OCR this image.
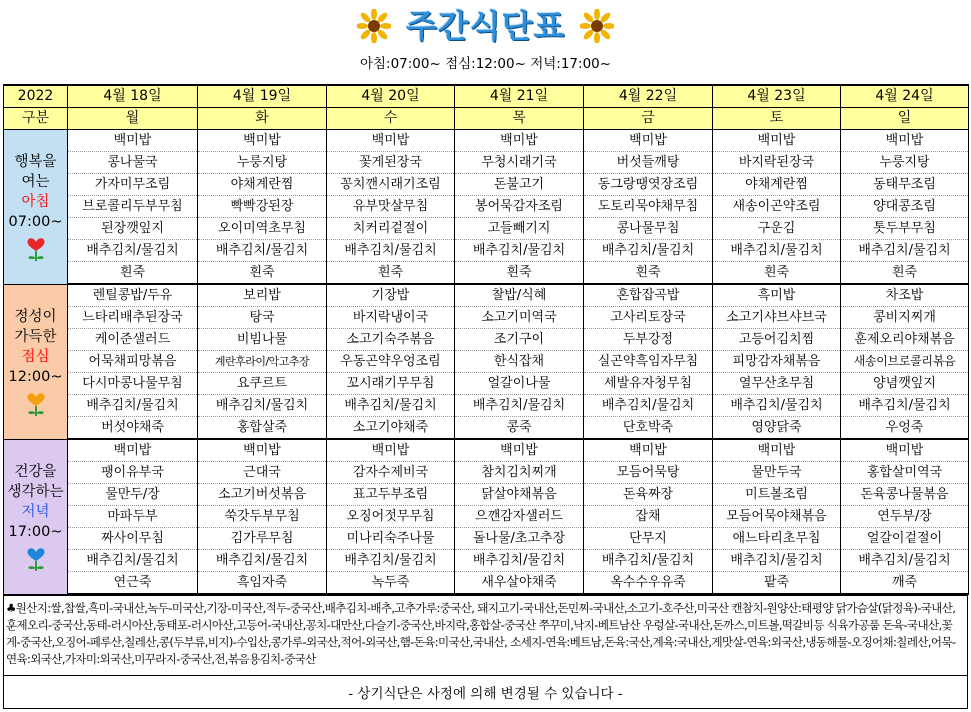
주간식단표
아침:07:00~ 점심:12:00~ 저녁:17:00~
2022	4월 18일	4월 19일	4월 20일	4월 21일	4월 22일	4월 23일	4월 24일
구분	월	화	수	목	금	토	일

행복을
여는
아침
07:00~	백미밥	백미밥	백미밥	백미밥	백미밥	백미밥	백미밥
	콩나물국	누룽지탕	꽃게된장국	무청시래기국	버섯들깨탕	바지락된장국	누룽지탕
	가자미무조림	야채계란찜	꽁치깬시래기조림	돈불고기	동그랑땡엿장조림	야채계란찜	동태무조림
	브로콜리두부무침	빡빡강된장	유부맛살무침	봉어묵감자조림	도토리묵야채무침	새송이곤약조림	양대콩조림
	된장깻잎지	오이미역초무침	치커리겉절이	고들빼기지	콩나물무침	구운김	톳두부무침
	배추김치/물김치	배추김치/물김치	배추김치/물김치	배추김치/물김치	배추김치/물김치	배추김치/물김치	배추김치/물김치
	흰죽	흰죽	흰죽	흰죽	흰죽	흰죽	흰죽

정성이
가득한
점심
12:00~	렌틸콩밥/두유	보리밥	기장밥	찰밥/식혜	혼합잡곡밥	흑미밥	차조밥
	느타리배추된장국	탕국	바지락냉이국	소고기미역국	고사리토장국	소고기샤브샤브국	콩비지찌개
	케이준샐러드	비빔나물	소고기숙주볶음	조기구이	두부강정	고등어김치찜	훈제오리야채볶음
	어묵채피망볶음	계란후라이/악고추장	우동곤약우엉조림	한식잡채	실곤약흑임자무침	피망감자채볶음	새송이브로콜리볶음
	다시마콩나물무침	요쿠르트	꼬시래기무무침	얼갈이나물	세발유자청무침	열무산초무침	양념깻잎지
	배추김치/물김치	배추김치/물김치	배추김치/물김치	배추김치/물김치	배추김치/물김치	배추김치/물김치	배추김치/물김치
	버섯야채죽	홍합살죽	소고기야채죽	콩죽	단호박죽	영양닭죽	우엉죽

건강을
생각하는
저녁
17:00~	백미밥	백미밥	백미밥	백미밥	백미밥	백미밥	백미밥
	팽이유부국	근대국	감자수제비국	참치김치찌개	모듬어묵탕	물만두국	홍합살미역국
	물만두/장	소고기버섯볶음	표고두부조림	닭살야채볶음	돈육짜장	미트볼조림	돈육콩나물볶음
	마파두부	쑥갓두부무침	오징어젓무무침	으깬감자샐러드	잡채	모듬어묵야채볶음	연두부/장
	짜사이무침	김가루무침	미나리숙주나물	돌나물/초고추장	단무지	애느타리초무침	얼갈이겉절이
	배추김치/물김치	배추김치/물김치	배추김치/물김치	배추김치/물김치	배추김치/물김치	배추김치/물김치	배추김치/물김치
	연근죽	흑임자죽	녹두죽	새우살야채죽	옥수수우유죽	팥죽	깨죽
♣원산지:쌀,찹쌀,흑미-국내산,녹두-미국산,기장-미국산,적두-중국산,배추김치-배추,고추가루:중국산, 돼지고기-국내산,돈민찌-국내산,소고기-호주산,미국산 캔참치-원양산:태평양 닭가슴살(닭정육)-국내산,훈제오리-중국산,동태-러시아산,동태포-러시아산,고등어-국내산,꽁치-대만산,다슬기-중국산,바지락,홍합살-중국산 쭈꾸미,낙지-베트남산 우렁살-국내산,돈까스,미트볼,떡갈비등 식육가공품 돈육-국내산,꽃게-중국산,오징어-페루산,칠레산,콩(두부류,비지)-수입산,콩가루-외국산,적어-외국산,햄-돈육:미국산,국내산, 소세지-연육:베트남,돈육:국산,계육:국내산,게맛살-연육:외국산,냉동해물-오징어채:칠레산,어묵-연육:외국산,가자미:외국산,미꾸라지-중국산,전,볶음용김치-중국산
- 상기식단은 사정에 의해 변경될 수 있습니다 -
